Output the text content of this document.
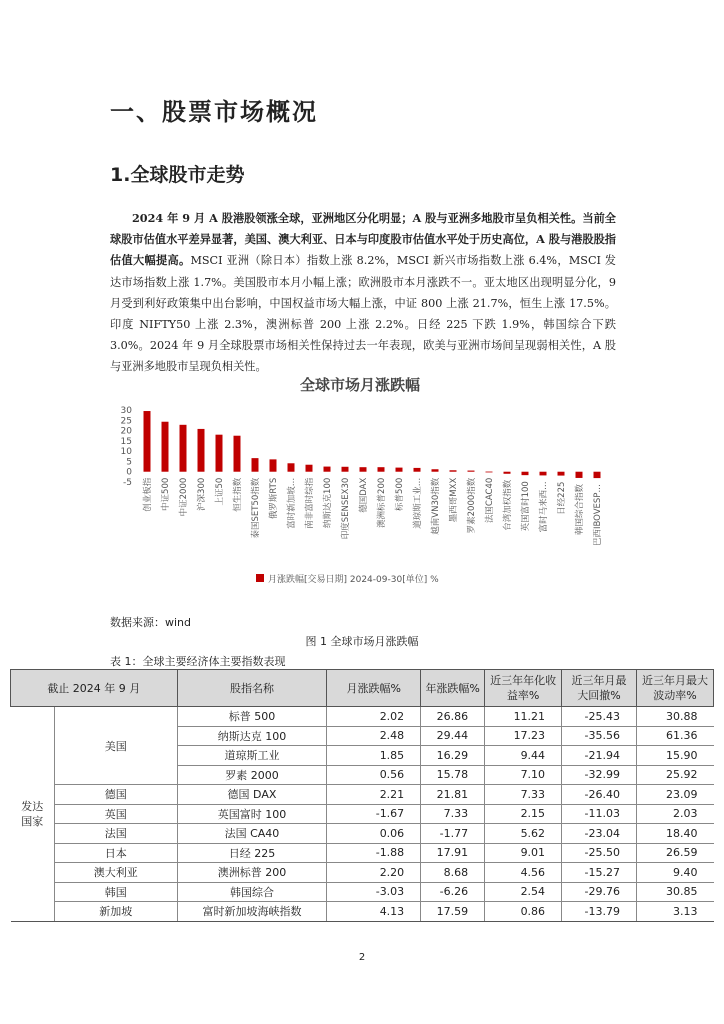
一、股票市场概况
1.全球股市走势
2024 年 9 月 A 股港股领涨全球，亚洲地区分化明显；A 股与亚洲多地股市呈负相关性。当前全球股市估值水平差异显著，美国、澳大利亚、日本与印度股市估值水平处于历史高位，A 股与港股股指估值大幅提高。MSCI 亚洲（除日本）指数上涨 8.2%，MSCI 新兴市场指数上涨 6.4%，MSCI 发达市场指数上涨 1.7%。美国股市本月小幅上涨；欧洲股市本月涨跌不一。亚太地区出现明显分化，9 月受到利好政策集中出台影响，中国权益市场大幅上涨，中证 800 上涨 21.7%，恒生上涨 17.5%。印度 NIFTY50 上涨 2.3%，澳洲标普 200 上涨 2.2%。日经 225 下跌 1.9%，韩国综合下跌 3.0%。2024 年 9 月全球股票市场相关性保持过去一年表现，欧美与亚洲市场间呈现弱相关性，A 股与亚洲多地股市呈现负相关性。
全球市场月涨跌幅
30
25
20
15
10
5
0
-5 创业板指 中证500 中证2000 沪深300 上证50 恒生指数 泰国SET50指数 俄罗斯RTS 富时新加坡… 南非富时综指 纳斯达克100 印度SENSEX30 德国DAX 澳洲标普200 标普500 道琼斯工业… 越南VN30指数 墨西哥MXX 罗素2000指数 法国CAC40 台湾加权指数 英国富时100 富时马来西… 日经225 韩国综合指数 巴西IBOVESP…
月涨跌幅[交易日期] 2024-09-30[单位] %
数据来源：wind
图 1 全球市场月涨跌幅
表 1：全球主要经济体主要指数表现
截止 2024 年 9 月		股指名称	月涨跌幅%	年涨跌幅%	近三年年化收益率%	近三年月最大回撤%	近三年月最大波动率%
发达
国家	美国	标普 500	2.02	26.86	11.21	-25.43	30.88
		纳斯达克 100	2.48	29.44	17.23	-35.56	61.36
		道琼斯工业	1.85	16.29	9.44	-21.94	15.90
		罗素 2000	0.56	15.78	7.10	-32.99	25.92
	德国	德国 DAX	2.21	21.81	7.33	-26.40	23.09
	英国	英国富时 100	-1.67	7.33	2.15	-11.03	2.03
	法国	法国 CA40	0.06	-1.77	5.62	-23.04	18.40
	日本	日经 225	-1.88	17.91	9.01	-25.50	26.59
	澳大利亚	澳洲标普 200	2.20	8.68	4.56	-15.27	9.40
	韩国	韩国综合	-3.03	-6.26	2.54	-29.76	30.85
	新加坡	富时新加坡海峡指数	4.13	17.59	0.86	-13.79	3.13
2
